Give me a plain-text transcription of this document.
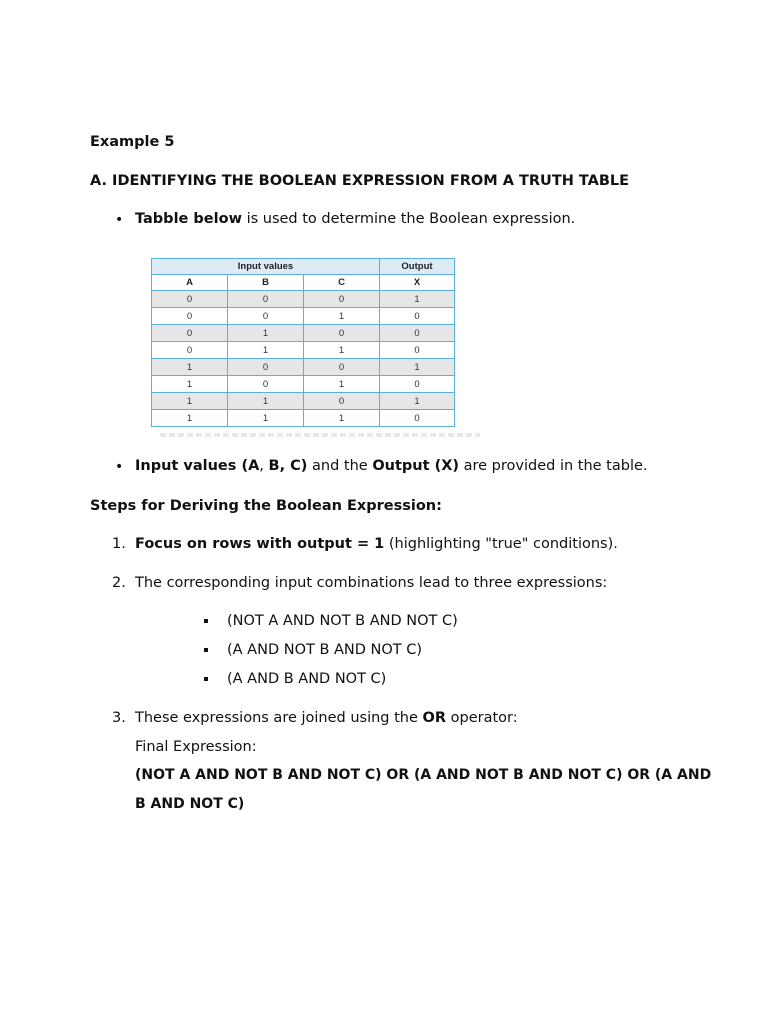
Example 5
A. IDENTIFYING THE BOOLEAN EXPRESSION FROM A TRUTH TABLE
• Tabble below is used to determine the Boolean expression.
Input values			Output
A	B	C	X
0	0	0	1
0	0	1	0
0	1	0	0
0	1	1	0
1	0	0	1
1	0	1	0
1	1	0	1
1	1	1	0
• Input values (A, B, C) and the Output (X) are provided in the table.
Steps for Deriving the Boolean Expression:
1. Focus on rows with output = 1 (highlighting "true" conditions).
2. The corresponding input combinations lead to three expressions:
(NOT A AND NOT B AND NOT C)
(A AND NOT B AND NOT C)
(A AND B AND NOT C)
3. These expressions are joined using the OR operator:
Final Expression:
(NOT A AND NOT B AND NOT C) OR (A AND NOT B AND NOT C) OR (A AND
B AND NOT C)
